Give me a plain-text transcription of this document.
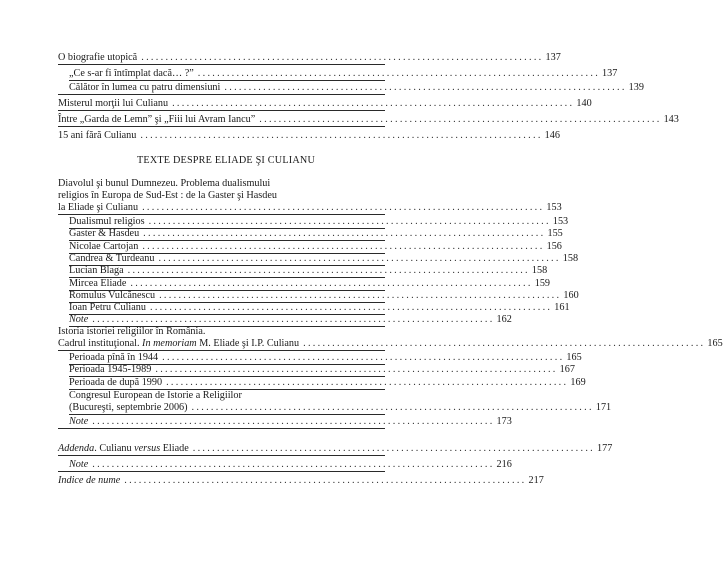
O biografie utopică ................................................................................... 137
„Ce s-ar fi întîmplat dacă… ?” ................................................................................... 137
Călător în lumea cu patru dimensiuni ................................................................................... 139
Misterul morţii lui Culianu ................................................................................... 140
Între „Garda de Lemn” şi „Fiii lui Avram Iancu” ................................................................................... 143
15 ani fără Culianu ................................................................................... 146
TEXTE DESPRE ELIADE ŞI CULIANU
Diavolul şi bunul Dumnezeu. Problema dualismului
religios în Europa de Sud-Est : de la Gaster şi Hasdeu
la Eliade şi Culianu ................................................................................... 153
Dualismul religios ................................................................................... 153
Gaster & Hasdeu ................................................................................... 155
Nicolae Cartojan ................................................................................... 156
Candrea & Turdeanu ................................................................................... 158
Lucian Blaga ................................................................................... 158
Mircea Eliade ................................................................................... 159
Romulus Vulcănescu ................................................................................... 160
Ioan Petru Culianu ................................................................................... 161
Note ................................................................................... 162
Istoria istoriei religiilor în România.
Cadrul instituţional. In memoriam M. Eliade şi I.P. Culianu ................................................................................... 165
Perioada pînă în 1944 ................................................................................... 165
Perioada 1945-1989 ................................................................................... 167
Perioada de după 1990 ................................................................................... 169
Congresul European de Istorie a Religiilor
(Bucureşti, septembrie 2006) ................................................................................... 171
Note ................................................................................... 173
Addenda. Culianu versus Eliade ................................................................................... 177
Note ................................................................................... 216
Indice de nume ................................................................................... 217
